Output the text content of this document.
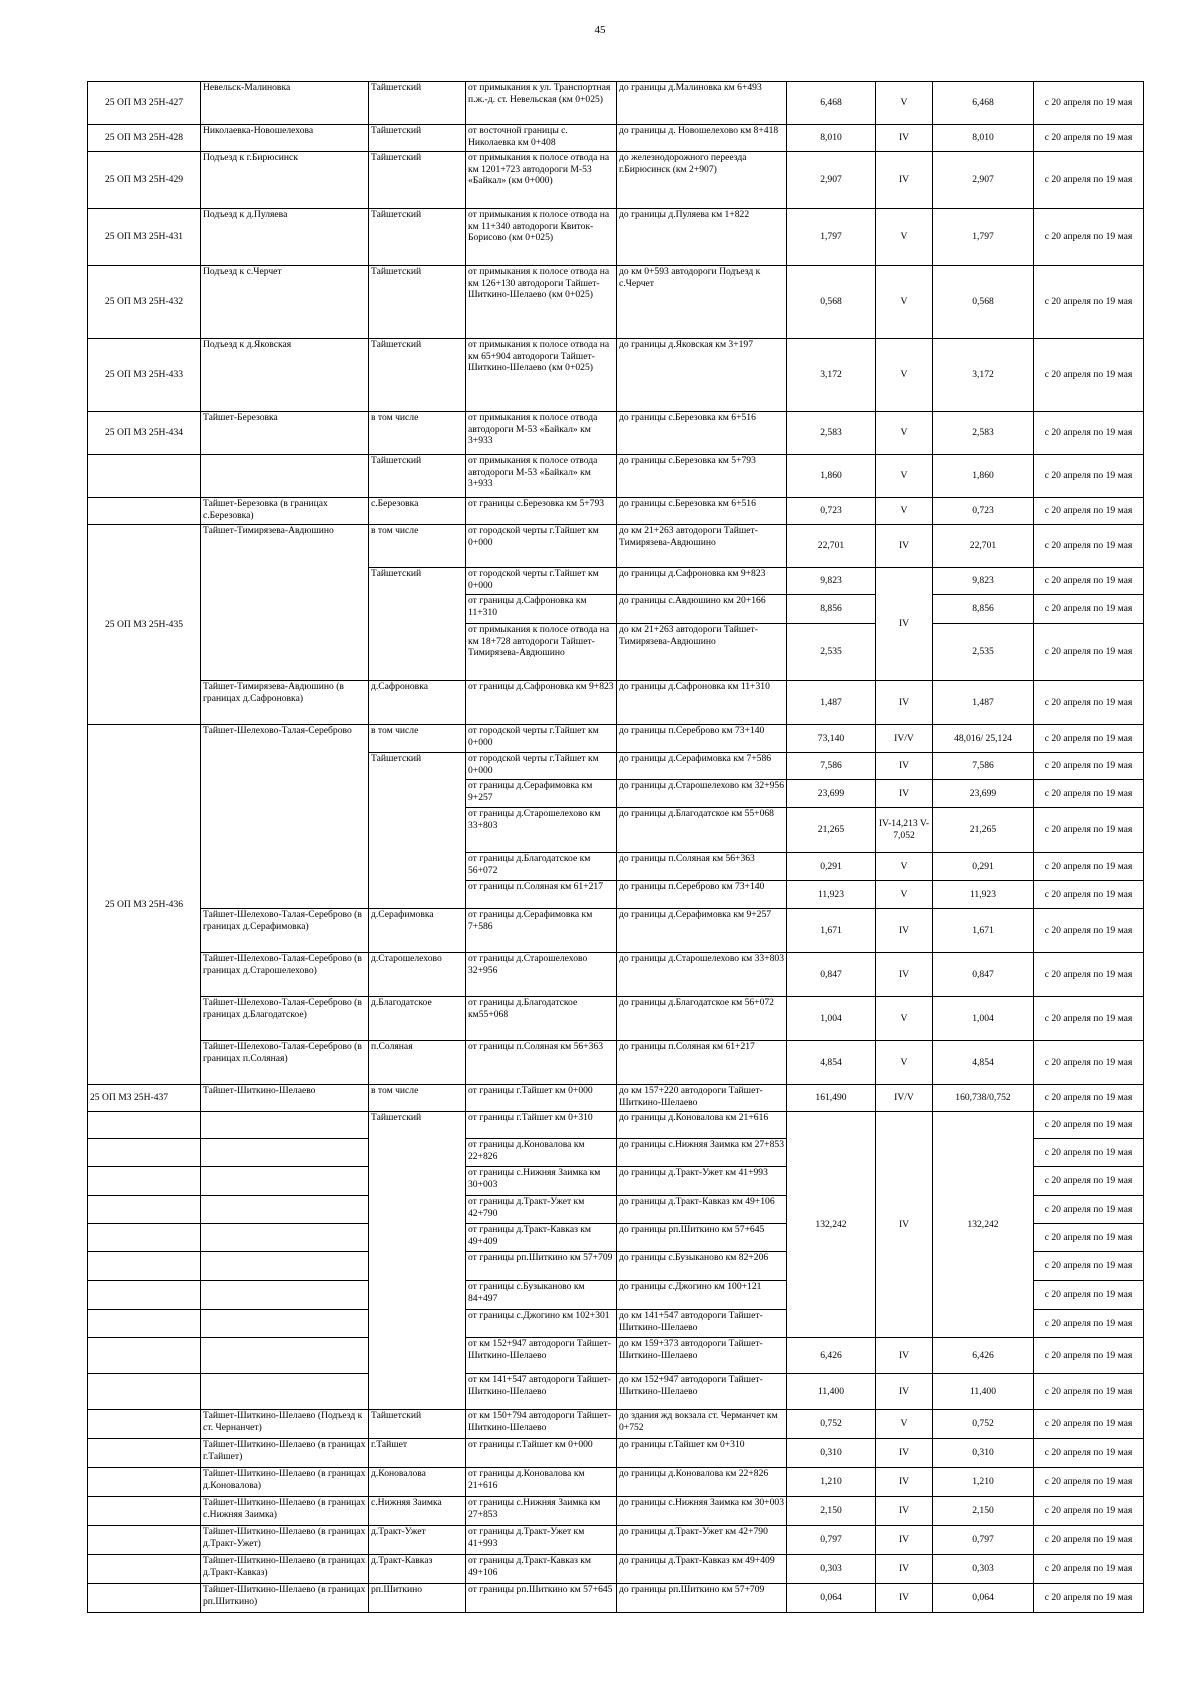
45
25 ОП МЗ 25Н-427	Невельск-Малиновка	Тайшетский	от примыкания к ул. Транспортная п.ж.-д. ст. Невельская (км 0+025)	до границы д.Малиновка км 6+493	6,468	V	6,468	с 20 апреля по 19 мая
25 ОП МЗ 25Н-428	Николаевка-Новошелехова	Тайшетский	от восточной границы с. Николаевка км 0+408	до границы д. Новошелехово км 8+418	8,010	IV	8,010	с 20 апреля по 19 мая
25 ОП МЗ 25Н-429	Подъезд к г.Бирюсинск	Тайшетский	от примыкания к полосе отвода на км 1201+723 автодороги М-53 «Байкал» (км 0+000)	до железнодорожного переезда г.Бирюсинск (км 2+907)	2,907	IV	2,907	с 20 апреля по 19 мая
25 ОП МЗ 25Н-431	Подъезд к д.Пуляева	Тайшетский	от примыкания к полосе отвода на км 11+340 автодороги Квиток-Борисово (км 0+025)	до границы д.Пуляева км 1+822	1,797	V	1,797	с 20 апреля по 19 мая
25 ОП МЗ 25Н-432	Подъезд к с.Черчет	Тайшетский	от примыкания к полосе отвода на км 126+130 автодороги Тайшет-Шиткино-Шелаево (км 0+025)	до км 0+593 автодороги Подъезд к с.Черчет	0,568	V	0,568	с 20 апреля по 19 мая
25 ОП МЗ 25Н-433	Подъезд к д.Яковская	Тайшетский	от примыкания к полосе отвода на км 65+904 автодороги Тайшет-Шиткино-Шелаево (км 0+025)	до границы д.Яковская км 3+197	3,172	V	3,172	с 20 апреля по 19 мая
25 ОП МЗ 25Н-434	Тайшет-Березовка	в том числе	от примыкания к полосе отвода автодороги М-53 «Байкал» км 3+933	до границы с.Березовка км 6+516	2,583	V	2,583	с 20 апреля по 19 мая
		Тайшетский	от примыкания к полосе отвода автодороги М-53 «Байкал» км 3+933	до границы с.Березовка км 5+793	1,860	V	1,860	с 20 апреля по 19 мая
	Тайшет-Березовка (в границах с.Березовка)	с.Березовка	от границы с.Березовка км 5+793	до границы с.Березовка км 6+516	0,723	V	0,723	с 20 апреля по 19 мая
25 ОП МЗ 25Н-435	Тайшет-Тимирязева-Авдюшино	в том числе	от городской черты г.Тайшет км 0+000	до км 21+263 автодороги Тайшет-Тимирязева-Авдюшино	22,701	IV	22,701	с 20 апреля по 19 мая
		Тайшетский	от городской черты г.Тайшет км 0+000	до границы д.Сафроновка км 9+823	9,823	IV	9,823	с 20 апреля по 19 мая
			от границы д.Сафроновка км 11+310	до границы с.Авдюшино км 20+166	8,856		8,856	с 20 апреля по 19 мая
			от примыкания к полосе отвода на км 18+728 автодороги Тайшет-Тимирязева-Авдюшино	до км 21+263 автодороги Тайшет-Тимирязева-Авдюшино	2,535		2,535	с 20 апреля по 19 мая
	Тайшет-Тимирязева-Авдюшино (в границах д.Сафроновка)	д.Сафроновка	от границы д.Сафроновка км 9+823	до границы д.Сафроновка км 11+310	1,487	IV	1,487	с 20 апреля по 19 мая
25 ОП МЗ 25Н-436	Тайшет-Шелехово-Талая-Сереброво	в том числе	от городской черты г.Тайшет км 0+000	до границы п.Сереброво км 73+140	73,140	IV/V	48,016/ 25,124	с 20 апреля по 19 мая
		Тайшетский	от городской черты г.Тайшет км 0+000	до границы д.Серафимовка км 7+586	7,586	IV	7,586	с 20 апреля по 19 мая
			от границы д.Серафимовка км 9+257	до границы д.Старошелехово км 32+956	23,699	IV	23,699	с 20 апреля по 19 мая
			от границы д.Старошелехово км 33+803	до границы д.Благодатское км 55+068	21,265	IV-14,213 V-7,052	21,265	с 20 апреля по 19 мая
			от границы д.Благодатское км 56+072	до границы п.Соляная км 56+363	0,291	V	0,291	с 20 апреля по 19 мая
			от границы п.Соляная км 61+217	до границы п.Сереброво км 73+140	11,923	V	11,923	с 20 апреля по 19 мая
	Тайшет-Шелехово-Талая-Сереброво (в границах д.Серафимовка)	д.Серафимовка	от границы д.Серафимовка км 7+586	до границы д.Серафимовка км 9+257	1,671	IV	1,671	с 20 апреля по 19 мая
	Тайшет-Шелехово-Талая-Сереброво (в границах д.Старошелехово)	д.Старошелехово	от границы д.Старошелехово 32+956	до границы д.Старошелехово км 33+803	0,847	IV	0,847	с 20 апреля по 19 мая
	Тайшет-Шелехово-Талая-Сереброво (в границах д.Благодатское)	д.Благодатское	от границы д.Благодатское км55+068	до границы д.Благодатское км 56+072	1,004	V	1,004	с 20 апреля по 19 мая
	Тайшет-Шелехово-Талая-Сереброво (в границах п.Соляная)	п.Соляная	от границы п.Соляная км 56+363	до границы п.Соляная км 61+217	4,854	V	4,854	с 20 апреля по 19 мая
25 ОП МЗ 25Н-437	Тайшет-Шиткино-Шелаево	в том числе	от границы г.Тайшет км 0+000	до км 157+220 автодороги Тайшет-Шиткино-Шелаево	161,490	IV/V	160,738/0,752	с 20 апреля по 19 мая
		Тайшетский	от границы г.Тайшет км 0+310	до границы д.Коновалова км 21+616	132,242	IV	132,242	с 20 апреля по 19 мая
			от границы д.Коновалова км 22+826	до границы с.Нижняя Заимка км 27+853				с 20 апреля по 19 мая
			от границы с.Нижняя Заимка км 30+003	до границы д.Тракт-Ужет км 41+993				с 20 апреля по 19 мая
			от границы д.Тракт-Ужет км 42+790	до границы д.Тракт-Кавказ км 49+106				с 20 апреля по 19 мая
			от границы д.Тракт-Кавказ км 49+409	до границы рп.Шиткино км 57+645				с 20 апреля по 19 мая
			от границы рп.Шиткино км 57+709	до границы с.Бузыканово км 82+206				с 20 апреля по 19 мая
			от границы с.Бузыканово км 84+497	до границы с.Джогино км 100+121				с 20 апреля по 19 мая
			от границы с.Джогино км 102+301	до км 141+547 автодороги Тайшет-Шиткино-Шелаево				с 20 апреля по 19 мая
			от км 152+947 автодороги Тайшет-Шиткино-Шелаево	до км 159+373 автодороги Тайшет-Шиткино-Шелаево	6,426	IV	6,426	с 20 апреля по 19 мая
			от км 141+547 автодороги Тайшет-Шиткино-Шелаево	до км 152+947 автодороги Тайшет-Шиткино-Шелаево	11,400	IV	11,400	с 20 апреля по 19 мая
	Тайшет-Шиткино-Шелаево (Подъезд к ст. Чернанчет)	Тайшетский	от км 150+794 автодороги Тайшет-Шиткино-Шелаево	до здания жд вокзала ст. Черманчет км 0+752	0,752	V	0,752	с 20 апреля по 19 мая
	Тайшет-Шиткино-Шелаево (в границах г.Тайшет)	г.Тайшет	от границы г.Тайшет км 0+000	до границы г.Тайшет км 0+310	0,310	IV	0,310	с 20 апреля по 19 мая
	Тайшет-Шиткино-Шелаево (в границах д.Коновалова)	д.Коновалова	от границы д.Коновалова км 21+616	до границы д.Коновалова км 22+826	1,210	IV	1,210	с 20 апреля по 19 мая
	Тайшет-Шиткино-Шелаево (в границах с.Нижняя Заимка)	с.Нижняя Заимка	от границы с.Нижняя Заимка км 27+853	до границы с.Нижняя Заимка км 30+003	2,150	IV	2,150	с 20 апреля по 19 мая
	Тайшет-Шиткино-Шелаево (в границах д.Тракт-Ужет)	д.Тракт-Ужет	от границы д.Тракт-Ужет км 41+993	до границы д.Тракт-Ужет км 42+790	0,797	IV	0,797	с 20 апреля по 19 мая
	Тайшет-Шиткино-Шелаево (в границах д.Тракт-Кавказ)	д.Тракт-Кавказ	от границы д.Тракт-Кавказ км 49+106	до границы д.Тракт-Кавказ км 49+409	0,303	IV	0,303	с 20 апреля по 19 мая
	Тайшет-Шиткино-Шелаево (в границах рп.Шиткино)	рп.Шиткино	от границы рп.Шиткино км 57+645	до границы рп.Шиткино км 57+709	0,064	IV	0,064	с 20 апреля по 19 мая
